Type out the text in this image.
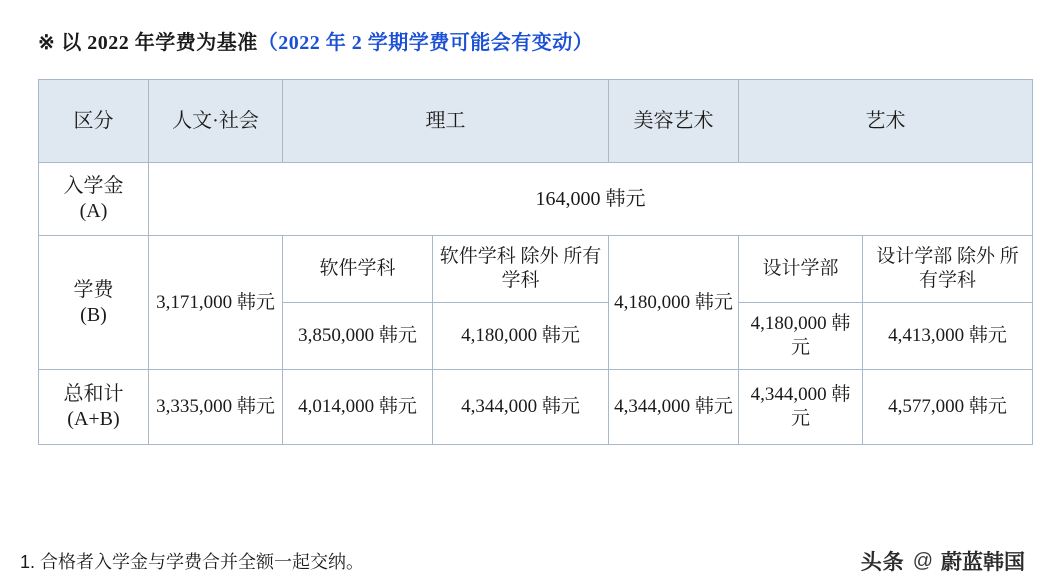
※ 以 2022 年学费为基准（2022 年 2 学期学费可能会有变动）
区分	人文·社会	理工		美容艺术	艺术	

入学金
(A)	164,000 韩元					

学费
(B)	3,171,000 韩元	软件学科	软件学科 除外 所有学科	4,180,000 韩元	设计学部	设计学部 除外 所有学科
		3,850,000 韩元	4,180,000 韩元		4,180,000 韩元	4,413,000 韩元

总和计
(A+B)	3,335,000 韩元	4,014,000 韩元	4,344,000 韩元	4,344,000 韩元	4,344,000 韩元	4,577,000 韩元
1. 合格者入学金与学费合并全额一起交纳。	头条 @ 蔚蓝韩国
